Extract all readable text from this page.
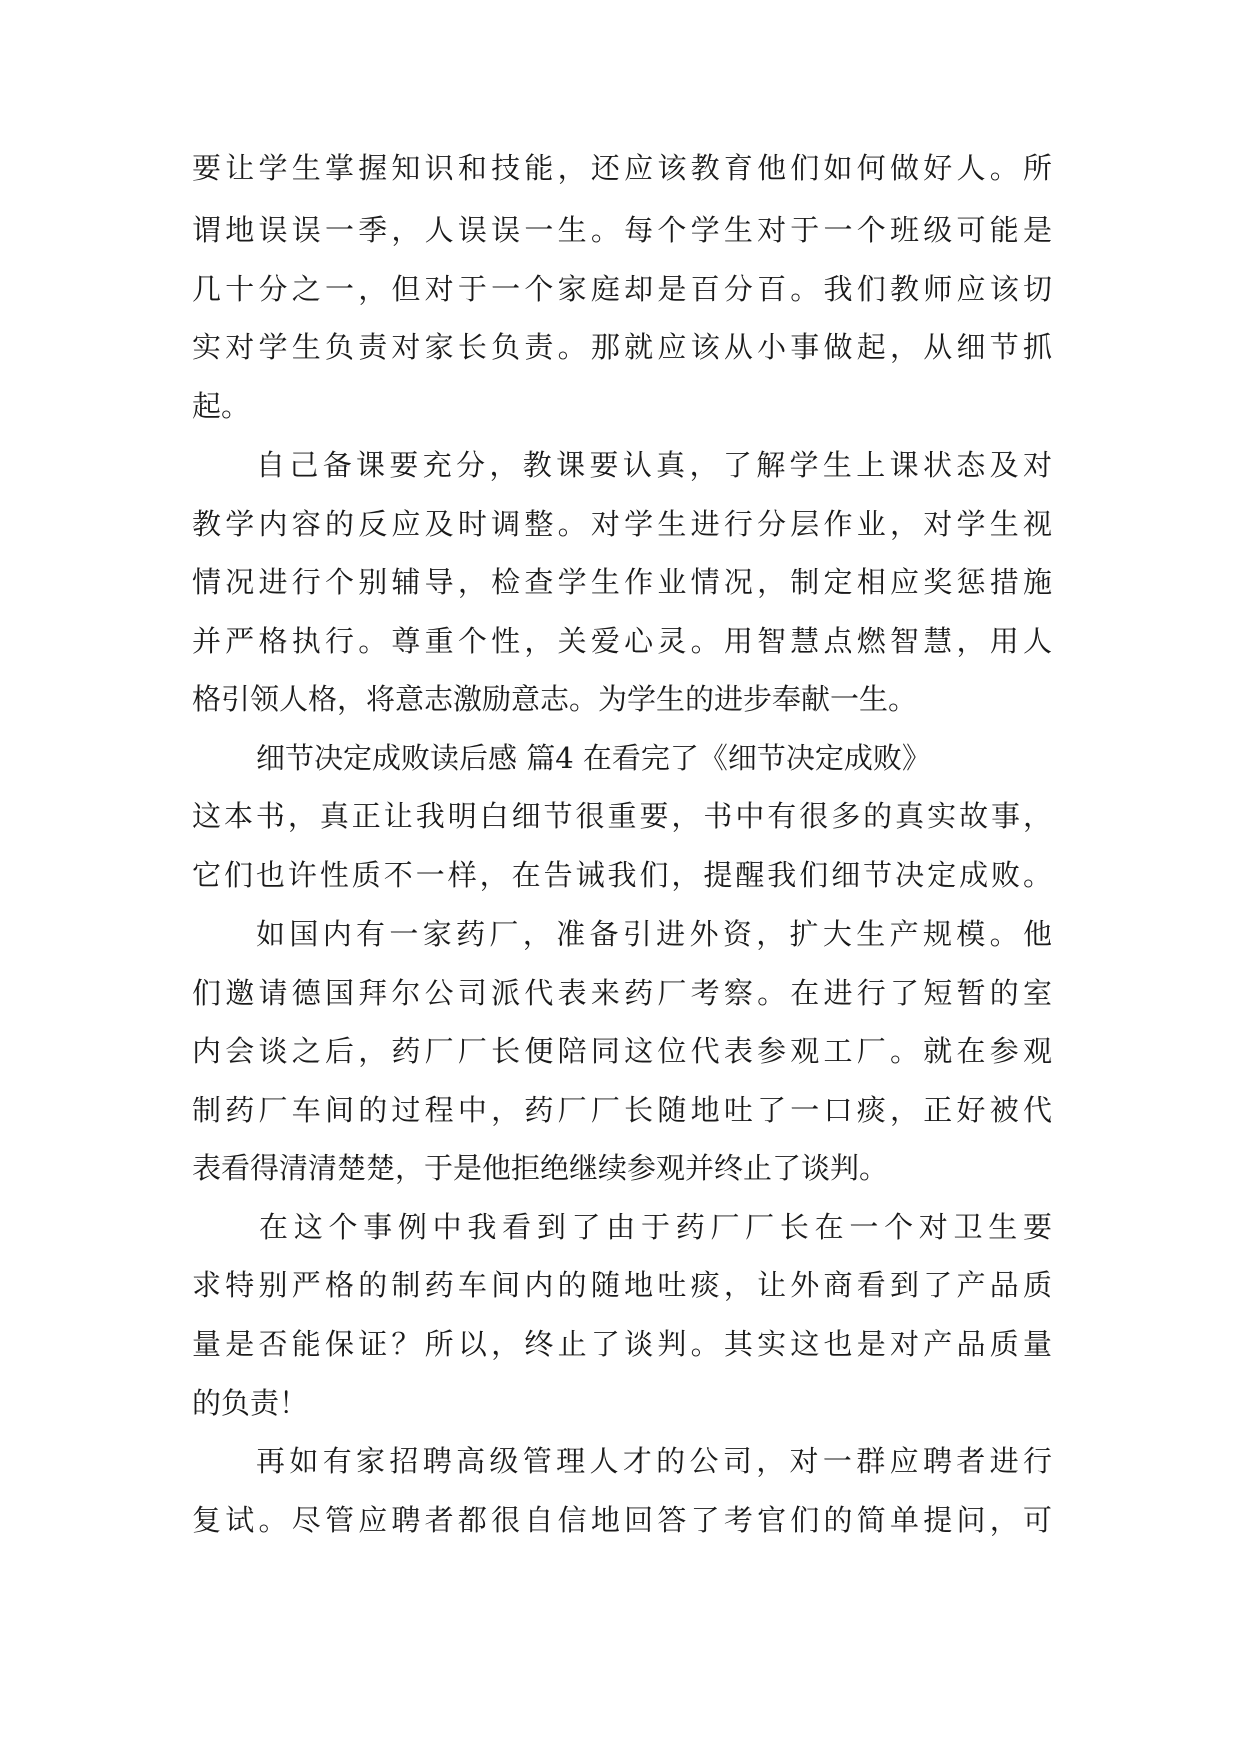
要让学生掌握知识和技能，还应该教育他们如何做好人。所
谓地误误一季，人误误一生。每个学生对于一个班级可能是
几十分之一，但对于一个家庭却是百分百。我们教师应该切
实对学生负责对家长负责。那就应该从小事做起，从细节抓
起。
自己备课要充分，教课要认真，了解学生上课状态及对
教学内容的反应及时调整。对学生进行分层作业，对学生视
情况进行个别辅导，检查学生作业情况，制定相应奖惩措施
并严格执行。尊重个性，关爱心灵。用智慧点燃智慧，用人
格引领人格，将意志激励意志。为学生的进步奉献一生。
细节决定成败读后感 篇4 在看完了《细节决定成败》
这本书，真正让我明白细节很重要，书中有很多的真实故事，
它们也许性质不一样，在告诫我们，提醒我们细节决定成败。
如国内有一家药厂，准备引进外资，扩大生产规模。他
们邀请德国拜尔公司派代表来药厂考察。在进行了短暂的室
内会谈之后，药厂厂长便陪同这位代表参观工厂。就在参观
制药厂车间的过程中，药厂厂长随地吐了一口痰，正好被代
表看得清清楚楚，于是他拒绝继续参观并终止了谈判。
在这个事例中我看到了由于药厂厂长在一个对卫生要
求特别严格的制药车间内的随地吐痰，让外商看到了产品质
量是否能保证？所以，终止了谈判。其实这也是对产品质量
的负责！
再如有家招聘高级管理人才的公司，对一群应聘者进行
复试。尽管应聘者都很自信地回答了考官们的简单提问，可
